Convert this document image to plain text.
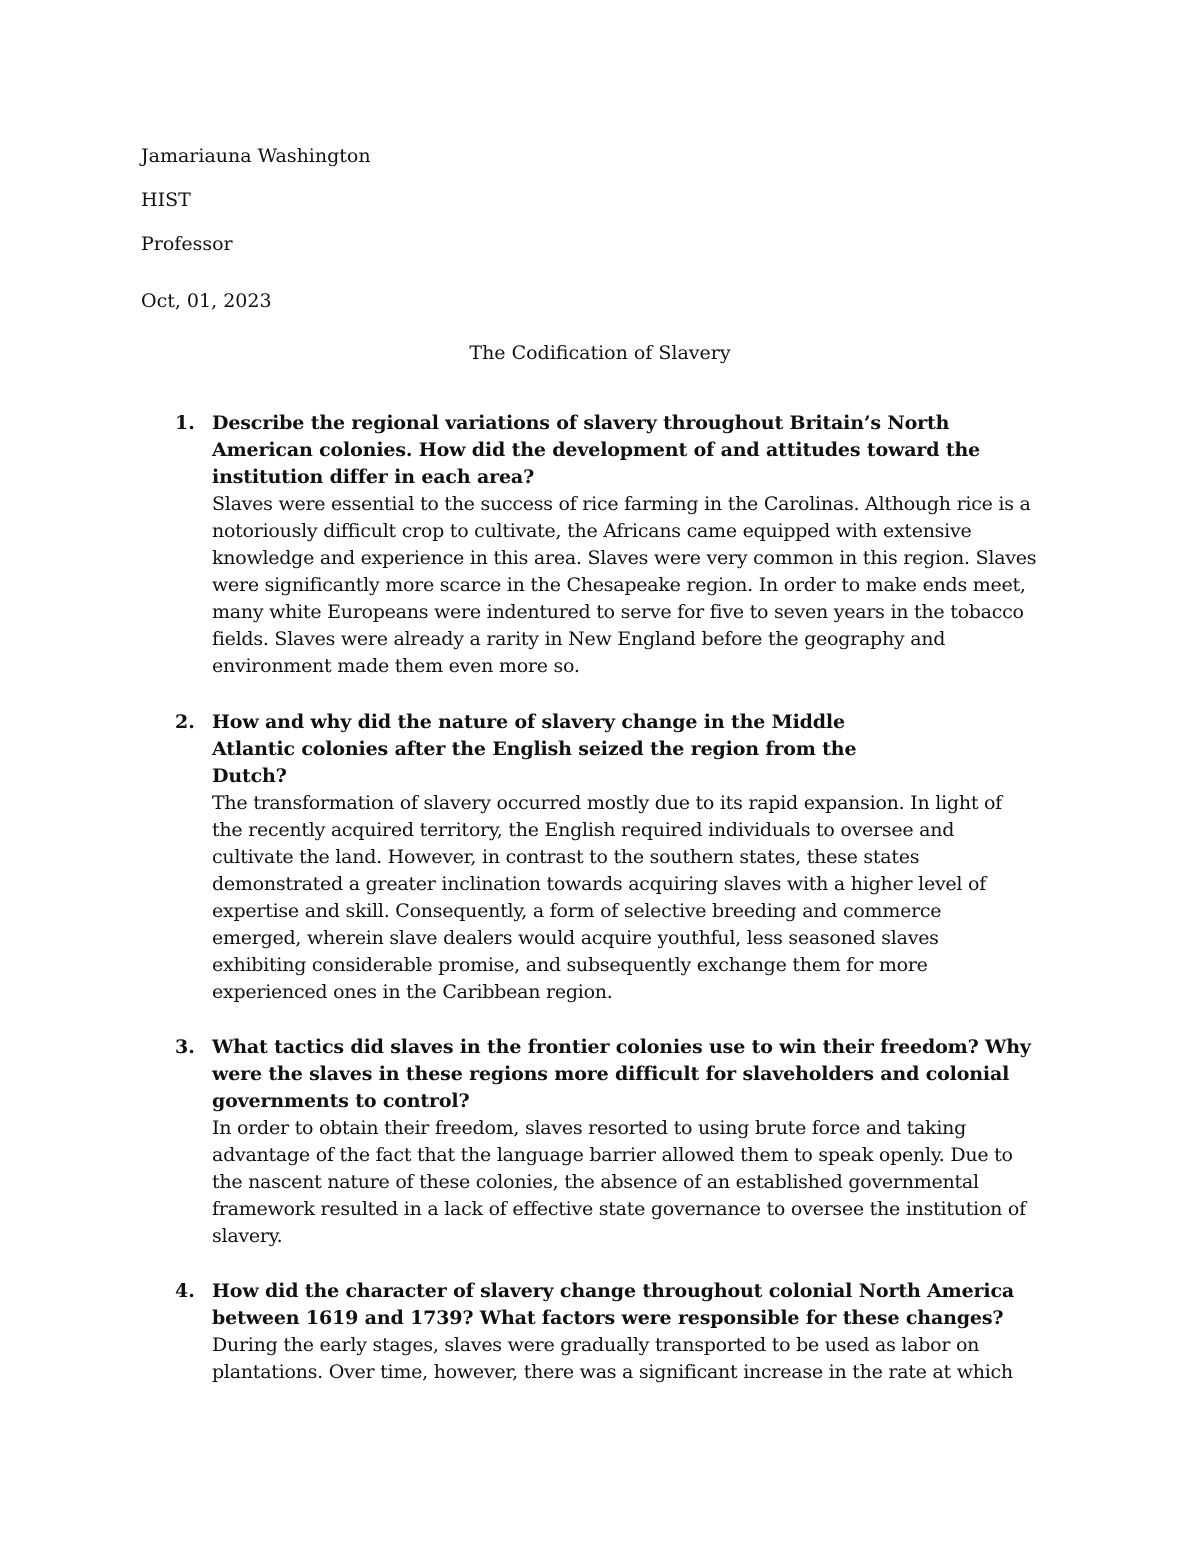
Jamariauna Washington
HIST
Professor
Oct, 01, 2023
The Codification of Slavery
1. Describe the regional variations of slavery throughout Britain’s North American colonies. How did the development of and attitudes toward the institution differ in each area?

Slaves were essential to the success of rice farming in the Carolinas. Although rice is a notoriously difficult crop to cultivate, the Africans came equipped with extensive knowledge and experience in this area. Slaves were very common in this region. Slaves were significantly more scarce in the Chesapeake region. In order to make ends meet, many white Europeans were indentured to serve for five to seven years in the tobacco fields. Slaves were already a rarity in New England before the geography and environment made them even more so.

2. How and why did the nature of slavery change in the Middle Atlantic colonies after the English seized the region from the Dutch?

The transformation of slavery occurred mostly due to its rapid expansion. In light of the recently acquired territory, the English required individuals to oversee and cultivate the land. However, in contrast to the southern states, these states demonstrated a greater inclination towards acquiring slaves with a higher level of expertise and skill. Consequently, a form of selective breeding and commerce emerged, wherein slave dealers would acquire youthful, less seasoned slaves exhibiting considerable promise, and subsequently exchange them for more experienced ones in the Caribbean region.

3. What tactics did slaves in the frontier colonies use to win their freedom? Why were the slaves in these regions more difficult for slaveholders and colonial governments to control?

In order to obtain their freedom, slaves resorted to using brute force and taking advantage of the fact that the language barrier allowed them to speak openly. Due to the nascent nature of these colonies, the absence of an established governmental framework resulted in a lack of effective state governance to oversee the institution of slavery.

4. How did the character of slavery change throughout colonial North America between 1619 and 1739? What factors were responsible for these changes?

During the early stages, slaves were gradually transported to be used as labor on plantations. Over time, however, there was a significant increase in the rate at which
